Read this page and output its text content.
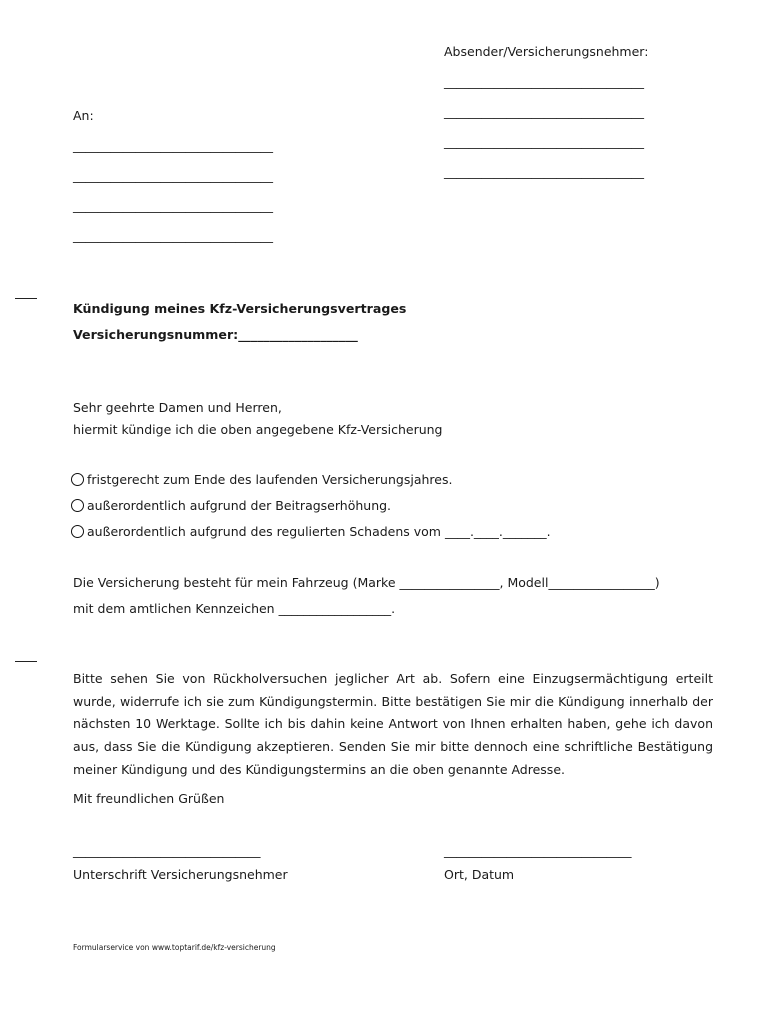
Absender/Versicherungsnehmer:
________________________________
________________________________
________________________________
________________________________
An:
________________________________
________________________________
________________________________
________________________________
Kündigung meines Kfz-Versicherungsvertrages
Versicherungsnummer:___________________
Sehr geehrte Damen und Herren,
hiermit kündige ich die oben angegebene Kfz-Versicherung
fristgerecht zum Ende des laufenden Versicherungsjahres.
außerordentlich aufgrund der Beitragserhöhung.
außerordentlich aufgrund des regulierten Schadens vom ____.____._______.
Die Versicherung besteht für mein Fahrzeug (Marke ________________, Modell_________________)
mit dem amtlichen Kennzeichen __________________.
Bitte sehen Sie von Rückholversuchen jeglicher Art ab. Sofern eine Einzugsermächtigung erteilt wurde, widerrufe ich sie zum Kündigungstermin. Bitte bestätigen Sie mir die Kündigung innerhalb der nächsten 10 Werktage. Sollte ich bis dahin keine Antwort von Ihnen erhalten haben, gehe ich davon aus, dass Sie die Kündigung akzeptieren. Senden Sie mir bitte dennoch eine schriftliche Bestätigung meiner Kündigung und des Kündigungstermins an die oben genannte Adresse.
Mit freundlichen Grüßen
______________________________
Unterschrift Versicherungsnehmer
______________________________
Ort, Datum
Formularservice von www.toptarif.de/kfz-versicherung
